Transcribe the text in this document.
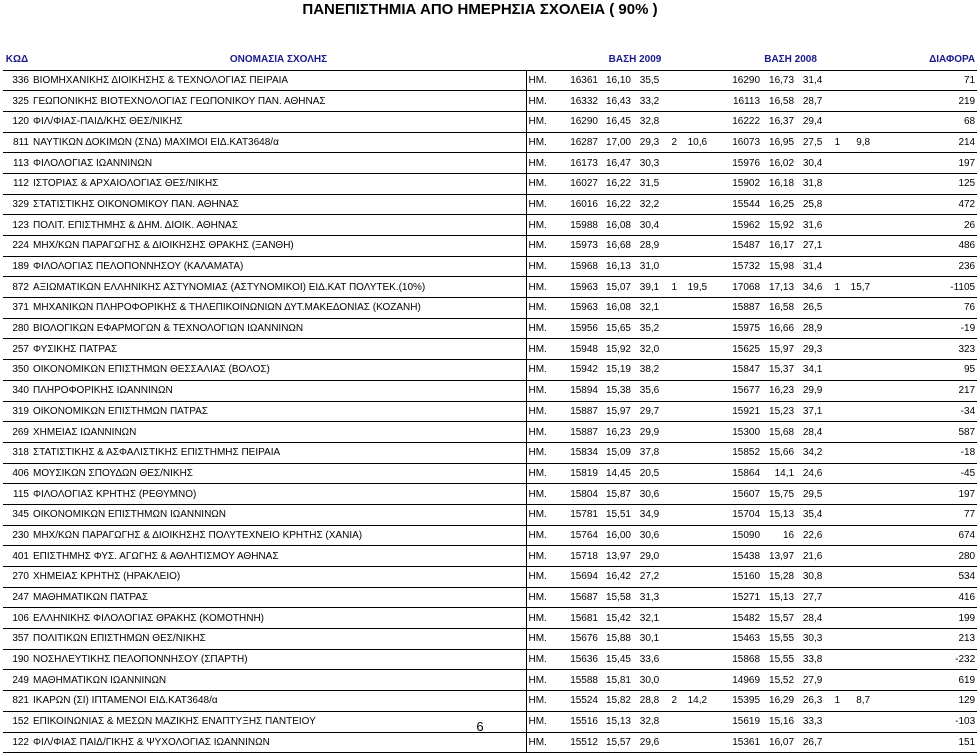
ΠΑΝΕΠΙΣΤΗΜΙΑ ΑΠΟ ΗΜΕΡΗΣΙΑ ΣΧΟΛΕΙΑ ( 90% )
ΚΩΔ	ΟΝΟΜΑΣΙΑ ΣΧΟΛΗΣ		ΒΑΣΗ 2009					ΒΑΣΗ 2008					ΔΙΑΦΟΡΑ
336	ΒΙΟΜΗΧΑΝΙΚΗΣ ΔΙΟΙΚΗΣΗΣ & ΤΕΧΝΟΛΟΓΙΑΣ ΠΕΙΡΑΙΑ	ΗΜ.	16361	16,10	35,5			16290	16,73	31,4			71
325	ΓΕΩΠΟΝΙΚΗΣ ΒΙΟΤΕΧΝΟΛΟΓΙΑΣ ΓΕΩΠΟΝΙΚΟΥ ΠΑΝ. ΑΘΗΝΑΣ	ΗΜ.	16332	16,43	33,2			16113	16,58	28,7			219
120	ΦΙΛ/ΦΙΑΣ-ΠΑΙΔ/ΚΗΣ ΘΕΣ/ΝΙΚΗΣ	ΗΜ.	16290	16,45	32,8			16222	16,37	29,4			68
811	ΝΑΥΤΙΚΩΝ ΔΟΚΙΜΩΝ (ΣΝΔ) ΜΑΧΙΜΟΙ ΕΙΔ.ΚΑΤ3648/α	ΗΜ.	16287	17,00	29,3	2	10,6	16073	16,95	27,5	1	9,8	214
113	ΦΙΛΟΛΟΓΙΑΣ ΙΩΑΝΝΙΝΩΝ	ΗΜ.	16173	16,47	30,3			15976	16,02	30,4			197
112	ΙΣΤΟΡΙΑΣ & ΑΡΧΑΙΟΛΟΓΙΑΣ ΘΕΣ/ΝΙΚΗΣ	ΗΜ.	16027	16,22	31,5			15902	16,18	31,8			125
329	ΣΤΑΤΙΣΤΙΚΗΣ ΟΙΚΟΝΟΜΙΚΟΥ ΠΑΝ. ΑΘΗΝΑΣ	ΗΜ.	16016	16,22	32,2			15544	16,25	25,8			472
123	ΠΟΛΙΤ. ΕΠΙΣΤΗΜΗΣ & ΔΗΜ. ΔΙΟΙΚ. ΑΘΗΝΑΣ	ΗΜ.	15988	16,08	30,4			15962	15,92	31,6			26
224	ΜΗΧ/ΚΩΝ ΠΑΡΑΓΩΓΗΣ & ΔΙΟΙΚΗΣΗΣ ΘΡΑΚΗΣ (ΞΑΝΘΗ)	ΗΜ.	15973	16,68	28,9			15487	16,17	27,1			486
189	ΦΙΛΟΛΟΓΙΑΣ ΠΕΛΟΠΟΝΝΗΣΟΥ (ΚΑΛΑΜΑΤΑ)	ΗΜ.	15968	16,13	31,0			15732	15,98	31,4			236
872	ΑΞΙΩΜΑΤΙΚΩΝ ΕΛΛΗΝΙΚΗΣ ΑΣΤΥΝΟΜΙΑΣ (ΑΣΤΥΝΟΜΙΚΟΙ) ΕΙΔ.ΚΑΤ ΠΟΛΥΤΕΚ.(10%)	ΗΜ.	15963	15,07	39,1	1	19,5	17068	17,13	34,6	1	15,7	-1105
371	ΜΗΧΑΝΙΚΩΝ ΠΛΗΡΟΦΟΡΙΚΗΣ & ΤΗΛΕΠΙΚΟΙΝΩΝΙΩΝ ΔΥΤ.ΜΑΚΕΔΟΝΙΑΣ (ΚΟΖΑΝΗ)	ΗΜ.	15963	16,08	32,1			15887	16,58	26,5			76
280	ΒΙΟΛΟΓΙΚΩΝ ΕΦΑΡΜΟΓΩΝ & ΤΕΧΝΟΛΟΓΙΩΝ ΙΩΑΝΝΙΝΩΝ	ΗΜ.	15956	15,65	35,2			15975	16,66	28,9			-19
257	ΦΥΣΙΚΗΣ ΠΑΤΡΑΣ	ΗΜ.	15948	15,92	32,0			15625	15,97	29,3			323
350	ΟΙΚΟΝΟΜΙΚΩΝ ΕΠΙΣΤΗΜΩΝ ΘΕΣΣΑΛΙΑΣ (ΒΟΛΟΣ)	ΗΜ.	15942	15,19	38,2			15847	15,37	34,1			95
340	ΠΛΗΡΟΦΟΡΙΚΗΣ ΙΩΑΝΝΙΝΩΝ	ΗΜ.	15894	15,38	35,6			15677	16,23	29,9			217
319	ΟΙΚΟΝΟΜΙΚΩΝ ΕΠΙΣΤΗΜΩΝ ΠΑΤΡΑΣ	ΗΜ.	15887	15,97	29,7			15921	15,23	37,1			-34
269	ΧΗΜΕΙΑΣ ΙΩΑΝΝΙΝΩΝ	ΗΜ.	15887	16,23	29,9			15300	15,68	28,4			587
318	ΣΤΑΤΙΣΤΙΚΗΣ & ΑΣΦΑΛΙΣΤΙΚΗΣ ΕΠΙΣΤΗΜΗΣ ΠΕΙΡΑΙΑ	ΗΜ.	15834	15,09	37,8			15852	15,66	34,2			-18
406	ΜΟΥΣΙΚΩΝ ΣΠΟΥΔΩΝ ΘΕΣ/ΝΙΚΗΣ	ΗΜ.	15819	14,45	20,5			15864	14,1	24,6			-45
115	ΦΙΛΟΛΟΓΙΑΣ ΚΡΗΤΗΣ (ΡΕΘΥΜΝΟ)	ΗΜ.	15804	15,87	30,6			15607	15,75	29,5			197
345	ΟΙΚΟΝΟΜΙΚΩΝ ΕΠΙΣΤΗΜΩΝ ΙΩΑΝΝΙΝΩΝ	ΗΜ.	15781	15,51	34,9			15704	15,13	35,4			77
230	ΜΗΧ/ΚΩΝ ΠΑΡΑΓΩΓΗΣ & ΔΙΟΙΚΗΣΗΣ ΠΟΛΥΤΕΧΝΕΙΟ ΚΡΗΤΗΣ (ΧΑΝΙΑ)	ΗΜ.	15764	16,00	30,6			15090	16	22,6			674
401	ΕΠΙΣΤΗΜΗΣ ΦΥΣ. ΑΓΩΓΗΣ & ΑΘΛΗΤΙΣΜΟΥ ΑΘΗΝΑΣ	ΗΜ.	15718	13,97	29,0			15438	13,97	21,6			280
270	ΧΗΜΕΙΑΣ ΚΡΗΤΗΣ (ΗΡΑΚΛΕΙΟ)	ΗΜ.	15694	16,42	27,2			15160	15,28	30,8			534
247	ΜΑΘΗΜΑΤΙΚΩΝ ΠΑΤΡΑΣ	ΗΜ.	15687	15,58	31,3			15271	15,13	27,7			416
106	ΕΛΛΗΝΙΚΗΣ ΦΙΛΟΛΟΓΙΑΣ ΘΡΑΚΗΣ (ΚΟΜΟΤΗΝΗ)	ΗΜ.	15681	15,42	32,1			15482	15,57	28,4			199
357	ΠΟΛΙΤΙΚΩΝ ΕΠΙΣΤΗΜΩΝ ΘΕΣ/ΝΙΚΗΣ	ΗΜ.	15676	15,88	30,1			15463	15,55	30,3			213
190	ΝΟΣΗΛΕΥΤΙΚΗΣ ΠΕΛΟΠΟΝΝΗΣΟΥ (ΣΠΑΡΤΗ)	ΗΜ.	15636	15,45	33,6			15868	15,55	33,8			-232
249	ΜΑΘΗΜΑΤΙΚΩΝ ΙΩΑΝΝΙΝΩΝ	ΗΜ.	15588	15,81	30,0			14969	15,52	27,9			619
821	ΙΚΑΡΩΝ (ΣΙ) ΙΠΤΑΜΕΝΟΙ ΕΙΔ.ΚΑΤ3648/α	ΗΜ.	15524	15,82	28,8	2	14,2	15395	16,29	26,3	1	8,7	129
152	ΕΠΙΚΟΙΝΩΝΙΑΣ & ΜΕΣΩΝ ΜΑΖΙΚΗΣ ΕΝΑΠΤΥΞΗΣ ΠΑΝΤΕΙΟΥ	ΗΜ.	15516	15,13	32,8			15619	15,16	33,3			-103
122	ΦΙΛ/ΦΙΑΣ ΠΑΙΔ/ΓΙΚΗΣ & ΨΥΧΟΛΟΓΙΑΣ ΙΩΑΝΝΙΝΩΝ	ΗΜ.	15512	15,57	29,6			15361	16,07	26,7			151
6
